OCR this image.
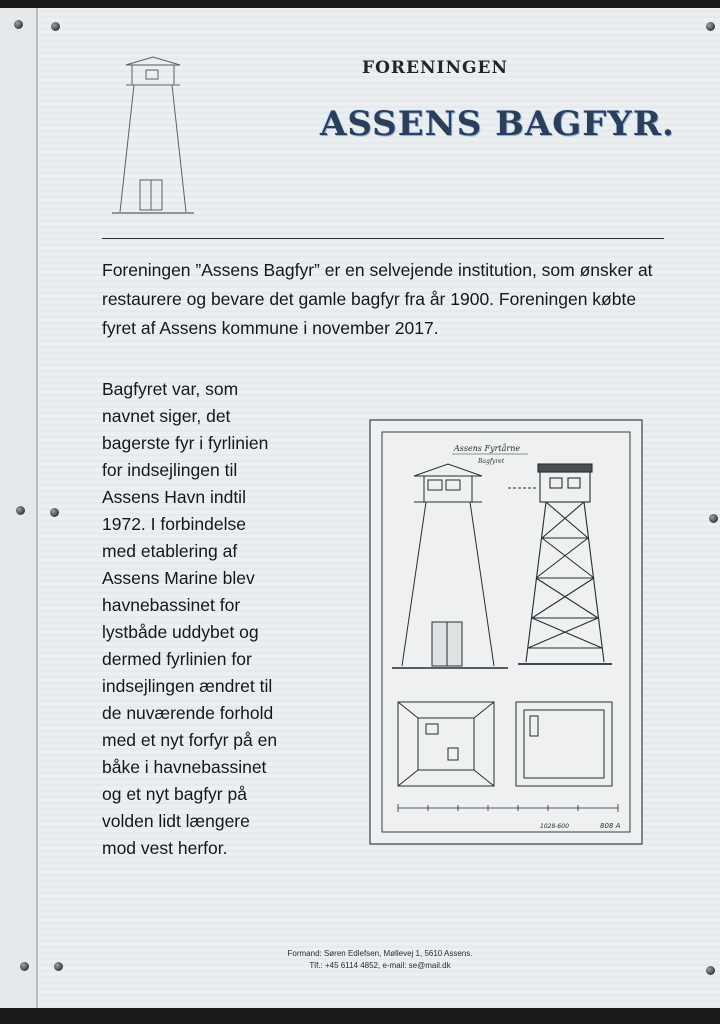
FORENINGEN
ASSENS BAGFYR.

Foreningen ”Assens Bagfyr” er en selvejende institution, som ønsker at restaurere og bevare det gamle bagfyr fra år 1900. Foreningen købte fyret af Assens kommune i november 2017.

Bagfyret var, som
navnet siger, det
bagerste fyr i fyrlinien
for indsejlingen til
Assens Havn indtil
1972. I forbindelse
med etablering af
Assens Marine blev
havnebassinet for
lystbåde uddybet og
dermed fyrlinien for
indsejlingen ændret til
de nuværende forhold
med et nyt forfyr på en
båke i havnebassinet
og et nyt bagfyr på
volden lidt længere
mod vest herfor.

Assens Fyrtårne
Bagfyret
1028-600	808 A
Formand: Søren Edlefsen, Møllevej 1, 5610 Assens.
Tlf.: +45 6114 4852, e-mail: se@mail.dk
